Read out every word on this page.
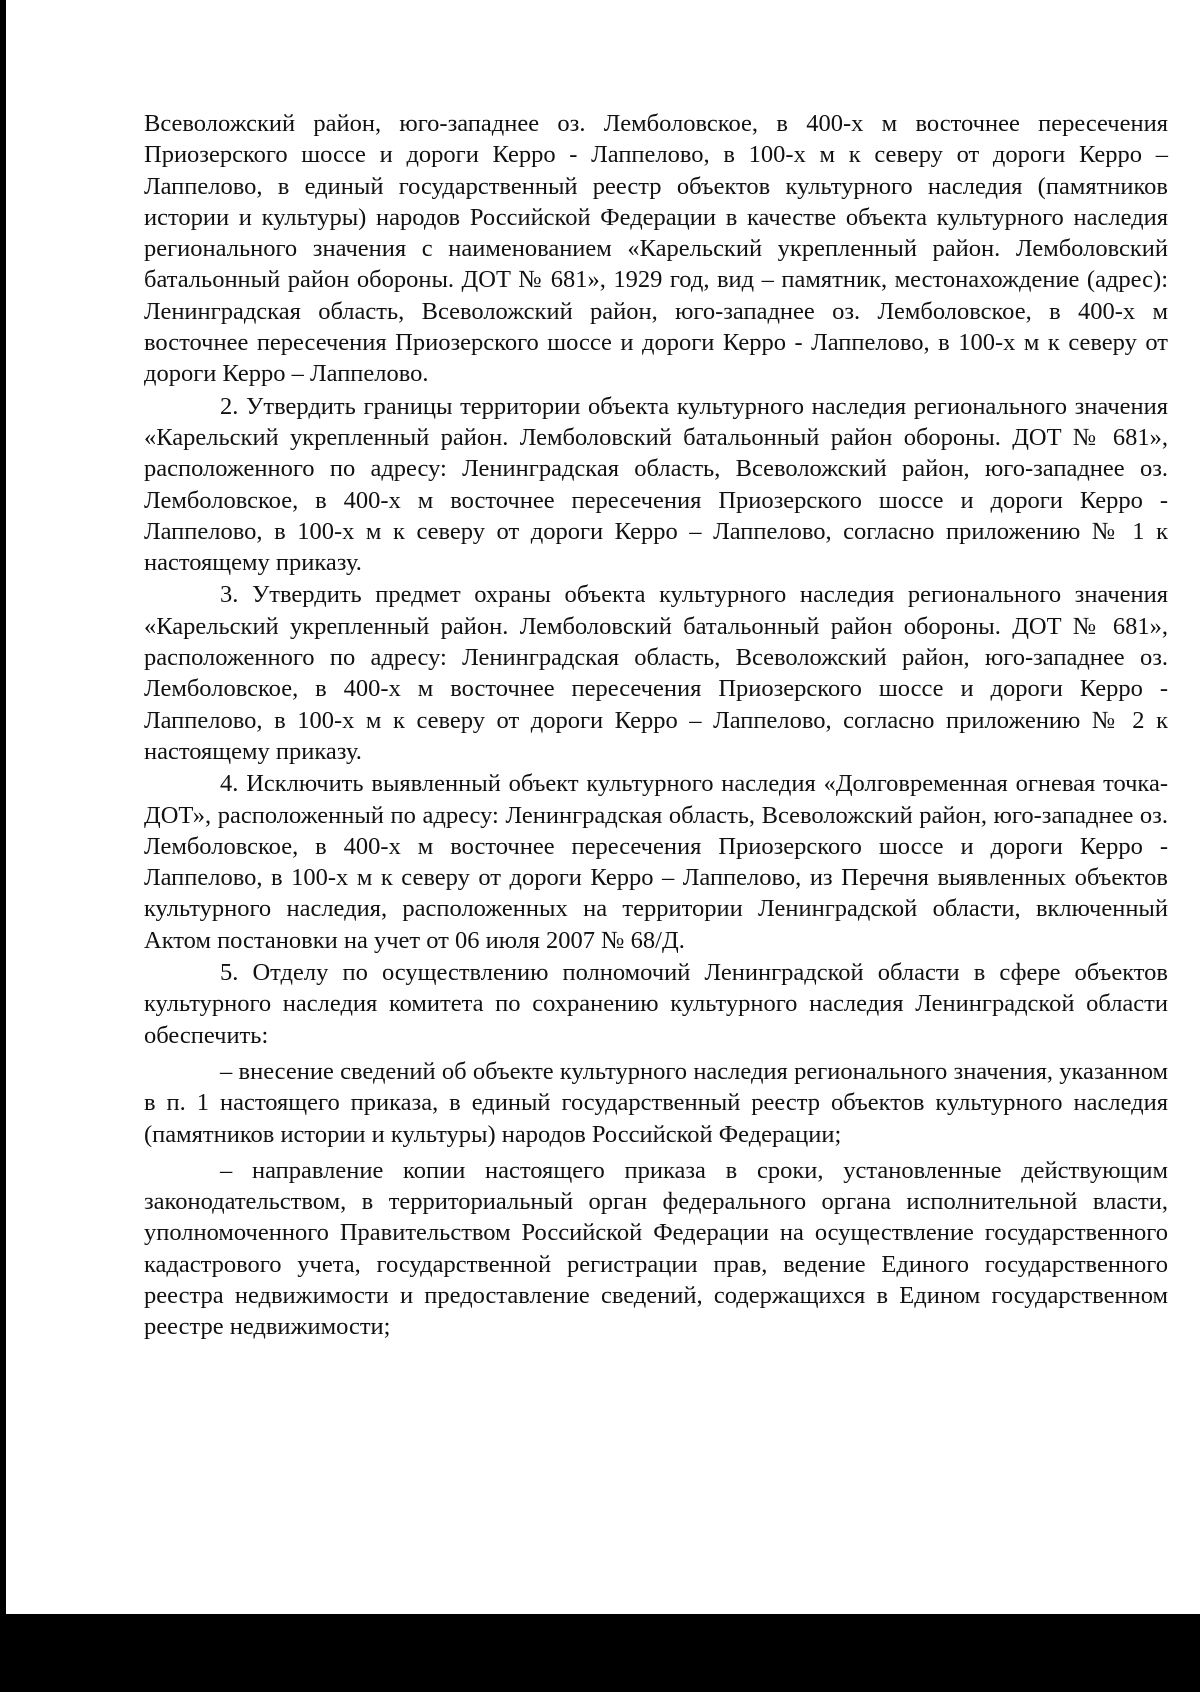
Всеволожский район, юго-западнее оз. Лемболовское, в 400-х м восточнее пересечения Приозерского шоссе и дороги Керро - Лаппелово, в 100-х м к северу от дороги Керро – Лаппелово, в единый государственный реестр объектов культурного наследия (памятников истории и культуры) народов Российской Федерации в качестве объекта культурного наследия регионального значения с наименованием «Карельский укрепленный район. Лемболовский батальонный район обороны. ДОТ № 681», 1929 год, вид – памятник, местонахождение (адрес): Ленинградская область, Всеволожский район, юго-западнее оз. Лемболовское, в 400-х м восточнее пересечения Приозерского шоссе и дороги Керро - Лаппелово, в 100-х м к северу от дороги Керро – Лаппелово.

2. Утвердить границы территории объекта культурного наследия регионального значения «Карельский укрепленный район. Лемболовский батальонный район обороны. ДОТ № 681», расположенного по адресу: Ленинградская область, Всеволожский район, юго-западнее оз. Лемболовское, в 400-х м восточнее пересечения Приозерского шоссе и дороги Керро - Лаппелово, в 100-х м к северу от дороги Керро – Лаппелово, согласно приложению № 1 к настоящему приказу.

3. Утвердить предмет охраны объекта культурного наследия регионального значения «Карельский укрепленный район. Лемболовский батальонный район обороны. ДОТ № 681», расположенного по адресу: Ленинградская область, Всеволожский район, юго-западнее оз. Лемболовское, в 400-х м восточнее пересечения Приозерского шоссе и дороги Керро - Лаппелово, в 100-х м к северу от дороги Керро – Лаппелово, согласно приложению № 2 к настоящему приказу.

4. Исключить выявленный объект культурного наследия «Долговременная огневая точка-ДОТ», расположенный по адресу: Ленинградская область, Всеволожский район, юго-западнее оз. Лемболовское, в 400-х м восточнее пересечения Приозерского шоссе и дороги Керро - Лаппелово, в 100-х м к северу от дороги Керро – Лаппелово, из Перечня выявленных объектов культурного наследия, расположенных на территории Ленинградской области, включенный Актом постановки на учет от 06 июля 2007 № 68/Д.

5. Отделу по осуществлению полномочий Ленинградской области в сфере объектов культурного наследия комитета по сохранению культурного наследия Ленинградской области обеспечить:

– внесение сведений об объекте культурного наследия регионального значения, указанном в п. 1 настоящего приказа, в единый государственный реестр объектов культурного наследия (памятников истории и культуры) народов Российской Федерации;

– направление копии настоящего приказа в сроки, установленные действующим законодательством, в территориальный орган федерального органа исполнительной власти, уполномоченного Правительством Российской Федерации на осуществление государственного кадастрового учета, государственной регистрации прав, ведение Единого государственного реестра недвижимости и предоставление сведений, содержащихся в Едином государственном реестре недвижимости;
